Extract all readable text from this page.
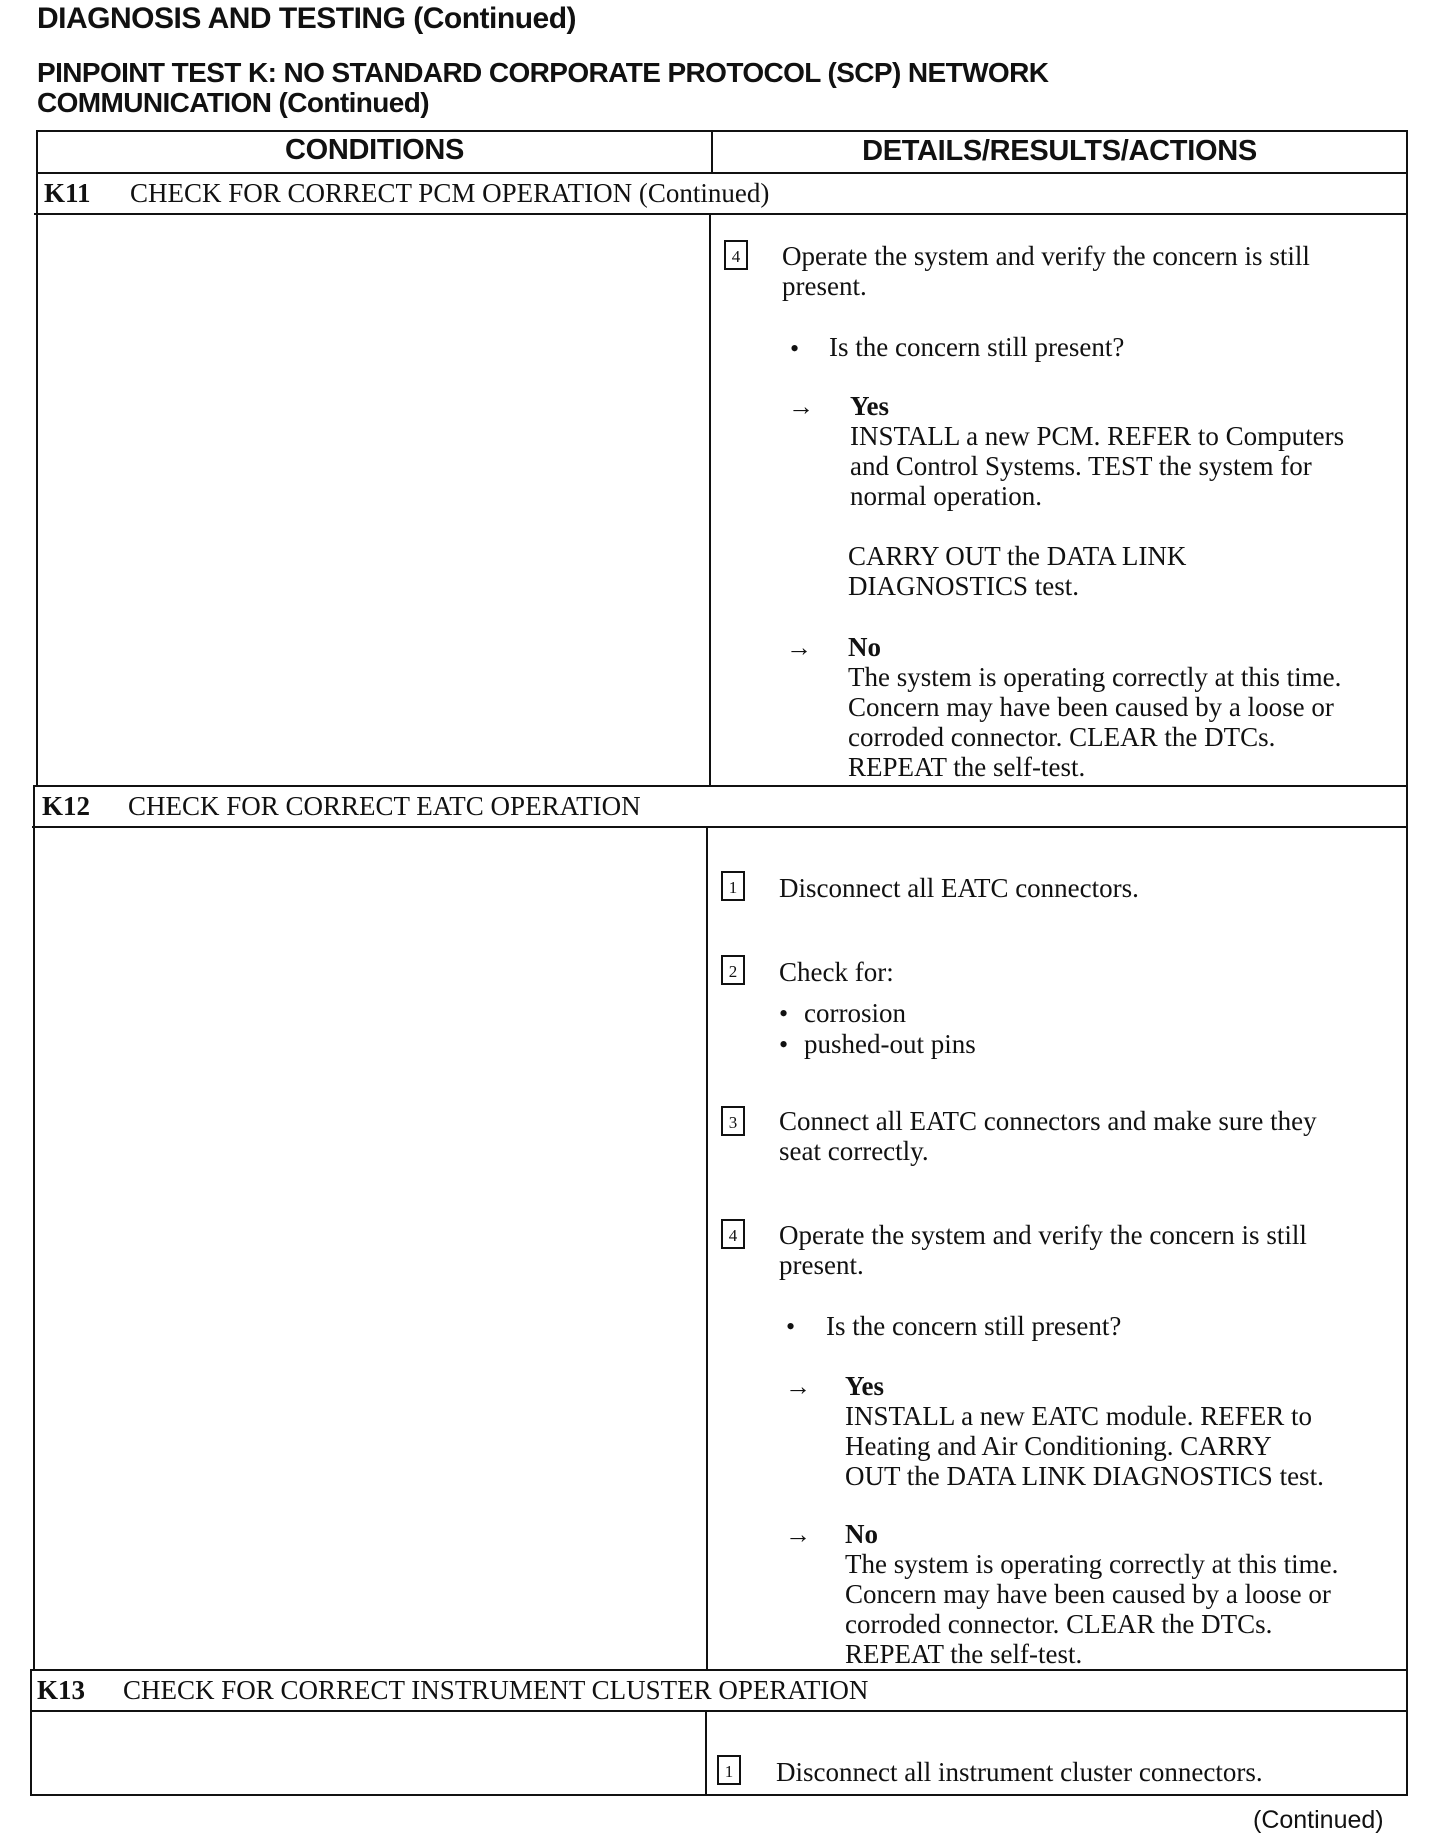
DIAGNOSIS AND TESTING (Continued)
PINPOINT TEST K: NO STANDARD CORPORATE PROTOCOL (SCP) NETWORK
COMMUNICATION (Continued)
CONDITIONS	DETAILS/RESULTS/ACTIONS
K11 CHECK FOR CORRECT PCM OPERATION (Continued)
4 Operate the system and verify the concern is still
present.
• Is the concern still present?
→ Yes
INSTALL a new PCM. REFER to Computers
and Control Systems. TEST the system for
normal operation.
CARRY OUT the DATA LINK
DIAGNOSTICS test.
→ No
The system is operating correctly at this time.
Concern may have been caused by a loose or
corroded connector. CLEAR the DTCs.
REPEAT the self-test.
K12 CHECK FOR CORRECT EATC OPERATION
1 Disconnect all EATC connectors.
2 Check for:
• corrosion
• pushed-out pins
3 Connect all EATC connectors and make sure they
seat correctly.
4 Operate the system and verify the concern is still
present.
• Is the concern still present?
→ Yes
INSTALL a new EATC module. REFER to
Heating and Air Conditioning. CARRY
OUT the DATA LINK DIAGNOSTICS test.
→ No
The system is operating correctly at this time.
Concern may have been caused by a loose or
corroded connector. CLEAR the DTCs.
REPEAT the self-test.
K13 CHECK FOR CORRECT INSTRUMENT CLUSTER OPERATION
1 Disconnect all instrument cluster connectors.
(Continued)
